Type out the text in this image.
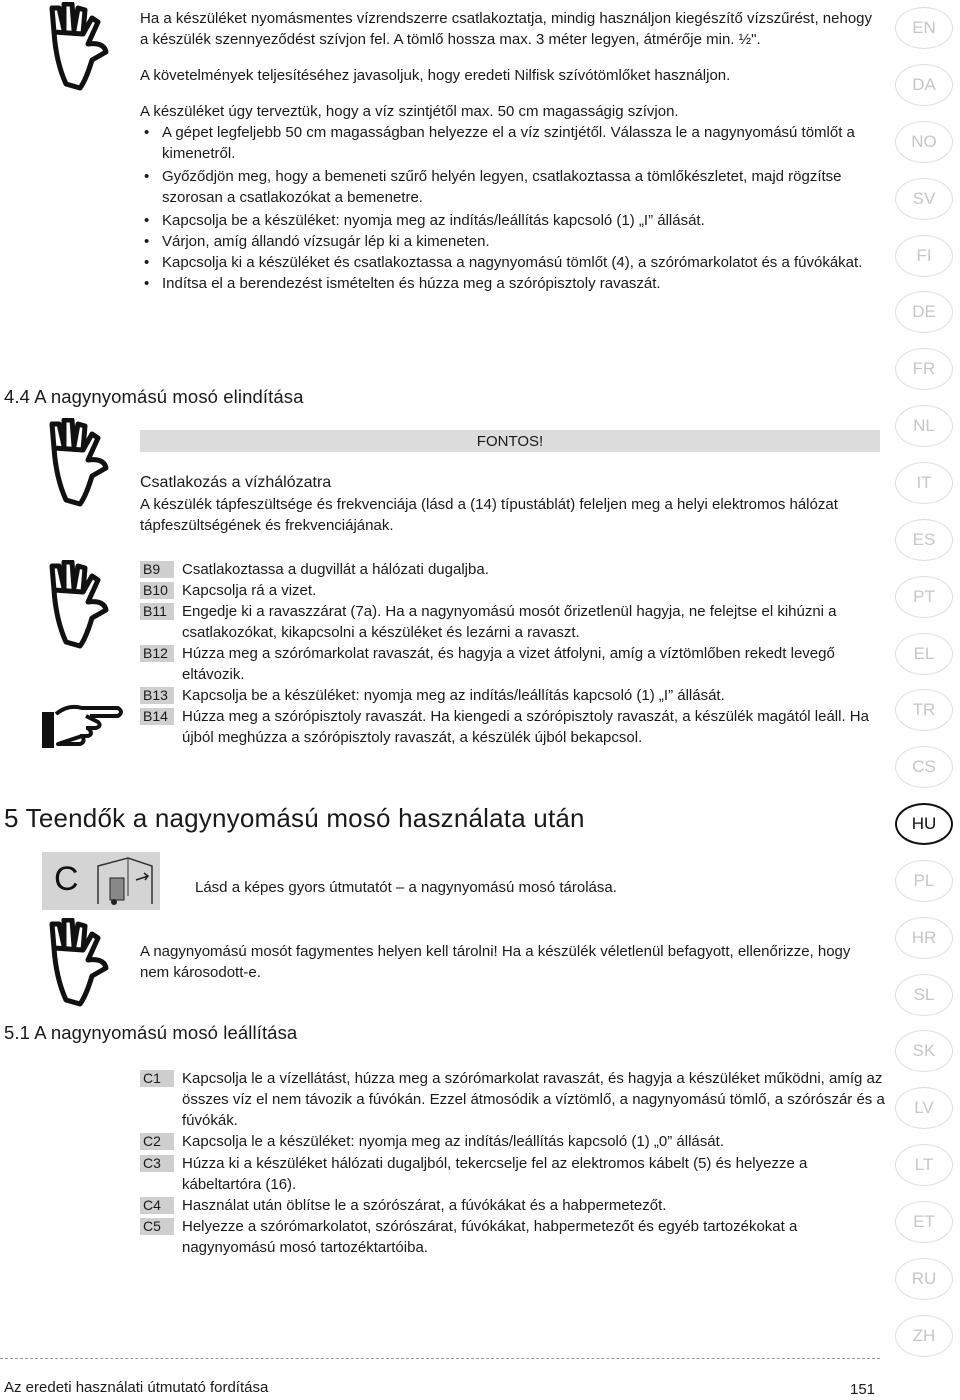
Ha a készüléket nyomásmentes vízrendszerre csatlakoztatja, mindig használjon kiegészítő vízszűrést, nehogy a készülék szennyeződést szívjon fel. A tömlő hossza max. 3 méter legyen, átmérője min. ½".

A követelmények teljesítéséhez javasoljuk, hogy eredeti Nilfisk szívótömlőket használjon.

A készüléket úgy terveztük, hogy a víz szintjétől max. 50 cm magasságig szívjon.

• A gépet legfeljebb 50 cm magasságban helyezze el a víz szintjétől. Válassza le a nagynyomású tömlőt a kimenetről.

• Győződjön meg, hogy a bemeneti szűrő helyén legyen, csatlakoztassa a tömlőkészletet, majd rögzítse szorosan a csatlakozókat a bemenetre.

• Kapcsolja be a készüléket: nyomja meg az indítás/leállítás kapcsoló (1) „I” állását.

• Várjon, amíg állandó vízsugár lép ki a kimeneten.

• Kapcsolja ki a készüléket és csatlakoztassa a nagynyomású tömlőt (4), a szórómarkolatot és a fúvókákat.

• Indítsa el a berendezést ismételten és húzza meg a szórópisztoly ravaszát.

4.4 A nagynyomású mosó elindítása
FONTOS!

Csatlakozás a vízhálózatra

A készülék tápfeszültsége és frekvenciája (lásd a (14) típustáblát) feleljen meg a helyi elektromos hálózat tápfeszültségének és frekvenciájának.

B9	Csatlakoztassa a dugvillát a hálózati dugaljba.

B10 Kapcsolja rá a vizet.

B11	Engedje ki a ravaszzárat (7a). Ha a nagynyomású mosót őrizetlenül hagyja, ne felejtse el kihúzni a csatlakozókat, kikapcsolni a készüléket és lezárni a ravaszt.

B12 Húzza meg a szórómarkolat ravaszát, és hagyja a vizet átfolyni, amíg a víztömlőben rekedt levegő eltávozik.

B13 Kapcsolja be a készüléket: nyomja meg az indítás/leállítás kapcsoló (1) „I” állását.

B14 Húzza meg a szórópisztoly ravaszát. Ha kiengedi a szórópisztoly ravaszát, a készülék magától leáll. Ha újból meghúzza a szórópisztoly ravaszát, a készülék újból bekapcsol.

5 Teendők a nagynyomású mosó használata után
C	Lásd a képes gyors útmutatót – a nagynyomású mosó tárolása.
A nagynyomású mosót fagymentes helyen kell tárolni! Ha a készülék véletlenül befagyott, ellenőrizze, hogy nem károsodott-e.
5.1 A nagynyomású mosó leállítása
C1	Kapcsolja le a vízellátást, húzza meg a szórómarkolat ravaszát, és hagyja a készüléket működni, amíg az összes víz el nem távozik a fúvókán. Ezzel átmosódik a víztömlő, a nagynyomású tömlő, a szórószár és a fúvókák.

C2	Kapcsolja le a készüléket: nyomja meg az indítás/leállítás kapcsoló (1) „0” állását.

C3	Húzza ki a készüléket hálózati dugaljból, tekercselje fel az elektromos kábelt (5) és helyezze a kábeltartóra (16).

C4	Használat után öblítse le a szórószárat, a fúvókákat és a habpermetezőt.

C5	Helyezze a szórómarkolatot, szórószárat, fúvókákat, habpermetezőt és egyéb tartozékokat a nagynyomású mosó tartozéktartóiba.

EN
DA
NO
SV
FI
DE
FR
NL
IT
ES
PT
EL
TR
CS
HU
PL
HR
SL
SK
LV
LT
ET
RU
ZH
Az eredeti használati útmutató fordítása	151
